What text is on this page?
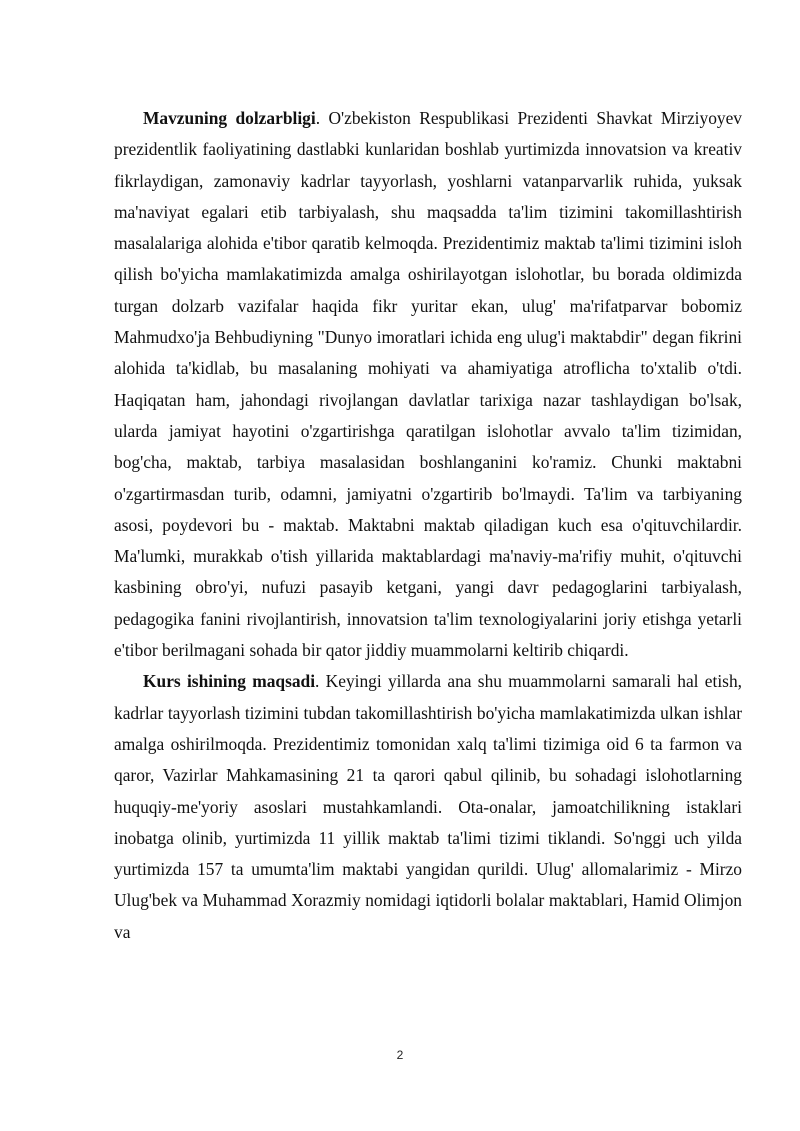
Mavzuning dolzarbligi. O'zbekiston Respublikasi Prezidenti Shavkat Mirziyoyev prezidentlik faoliyatining dastlabki kunlaridan boshlab yurtimizda innovatsion va kreativ fikrlaydigan, zamonaviy kadrlar tayyorlash, yoshlarni vatanparvarlik ruhida, yuksak ma'naviyat egalari etib tarbiyalash, shu maqsadda ta'lim tizimini takomillashtirish masalalariga alohida e'tibor qaratib kelmoqda. Prezidentimiz maktab ta'limi tizimini isloh qilish bo'yicha mamlakatimizda amalga oshirilayotgan islohotlar, bu borada oldimizda turgan dolzarb vazifalar haqida fikr yuritar ekan, ulug' ma'rifatparvar bobomiz Mahmudxo'ja Behbudiyning "Dunyo imoratlari ichida eng ulug'i maktabdir" degan fikrini alohida ta'kidlab, bu masalaning mohiyati va ahamiyatiga atroflicha to'xtalib o'tdi. Haqiqatan ham, jahondagi rivojlangan davlatlar tarixiga nazar tashlaydigan bo'lsak, ularda jamiyat hayotini o'zgartirishga qaratilgan islohotlar avvalo ta'lim tizimidan, bog'cha, maktab, tarbiya masalasidan boshlanganini ko'ramiz. Chunki maktabni o'zgartirmasdan turib, odamni, jamiyatni o'zgartirib bo'lmaydi. Ta'lim va tarbiyaning asosi, poydevori bu - maktab. Maktabni maktab qiladigan kuch esa o'qituvchilardir. Ma'lumki, murakkab o'tish yillarida maktablardagi ma'naviy-ma'rifiy muhit, o'qituvchi kasbining obro'yi, nufuzi pasayib ketgani, yangi davr pedagoglarini tarbiyalash, pedagogika fanini rivojlantirish, innovatsion ta'lim texnologiyalarini joriy etishga yetarli e'tibor berilmagani sohada bir qator jiddiy muammolarni keltirib chiqardi.

Kurs ishining maqsadi. Keyingi yillarda ana shu muammolarni samarali hal etish, kadrlar tayyorlash tizimini tubdan takomillashtirish bo'yicha mamlakatimizda ulkan ishlar amalga oshirilmoqda. Prezidentimiz tomonidan xalq ta'limi tizimiga oid 6 ta farmon va qaror, Vazirlar Mahkamasining 21 ta qarori qabul qilinib, bu sohadagi islohotlarning huquqiy-me'yoriy asoslari mustahkamlandi. Ota-onalar, jamoatchilikning istaklari inobatga olinib, yurtimizda 11 yillik maktab ta'limi tizimi tiklandi. So'nggi uch yilda yurtimizda 157 ta umumta'lim maktabi yangidan qurildi. Ulug' allomalarimiz - Mirzo Ulug'bek va Muhammad Xorazmiy nomidagi iqtidorli bolalar maktablari, Hamid Olimjon va

2
